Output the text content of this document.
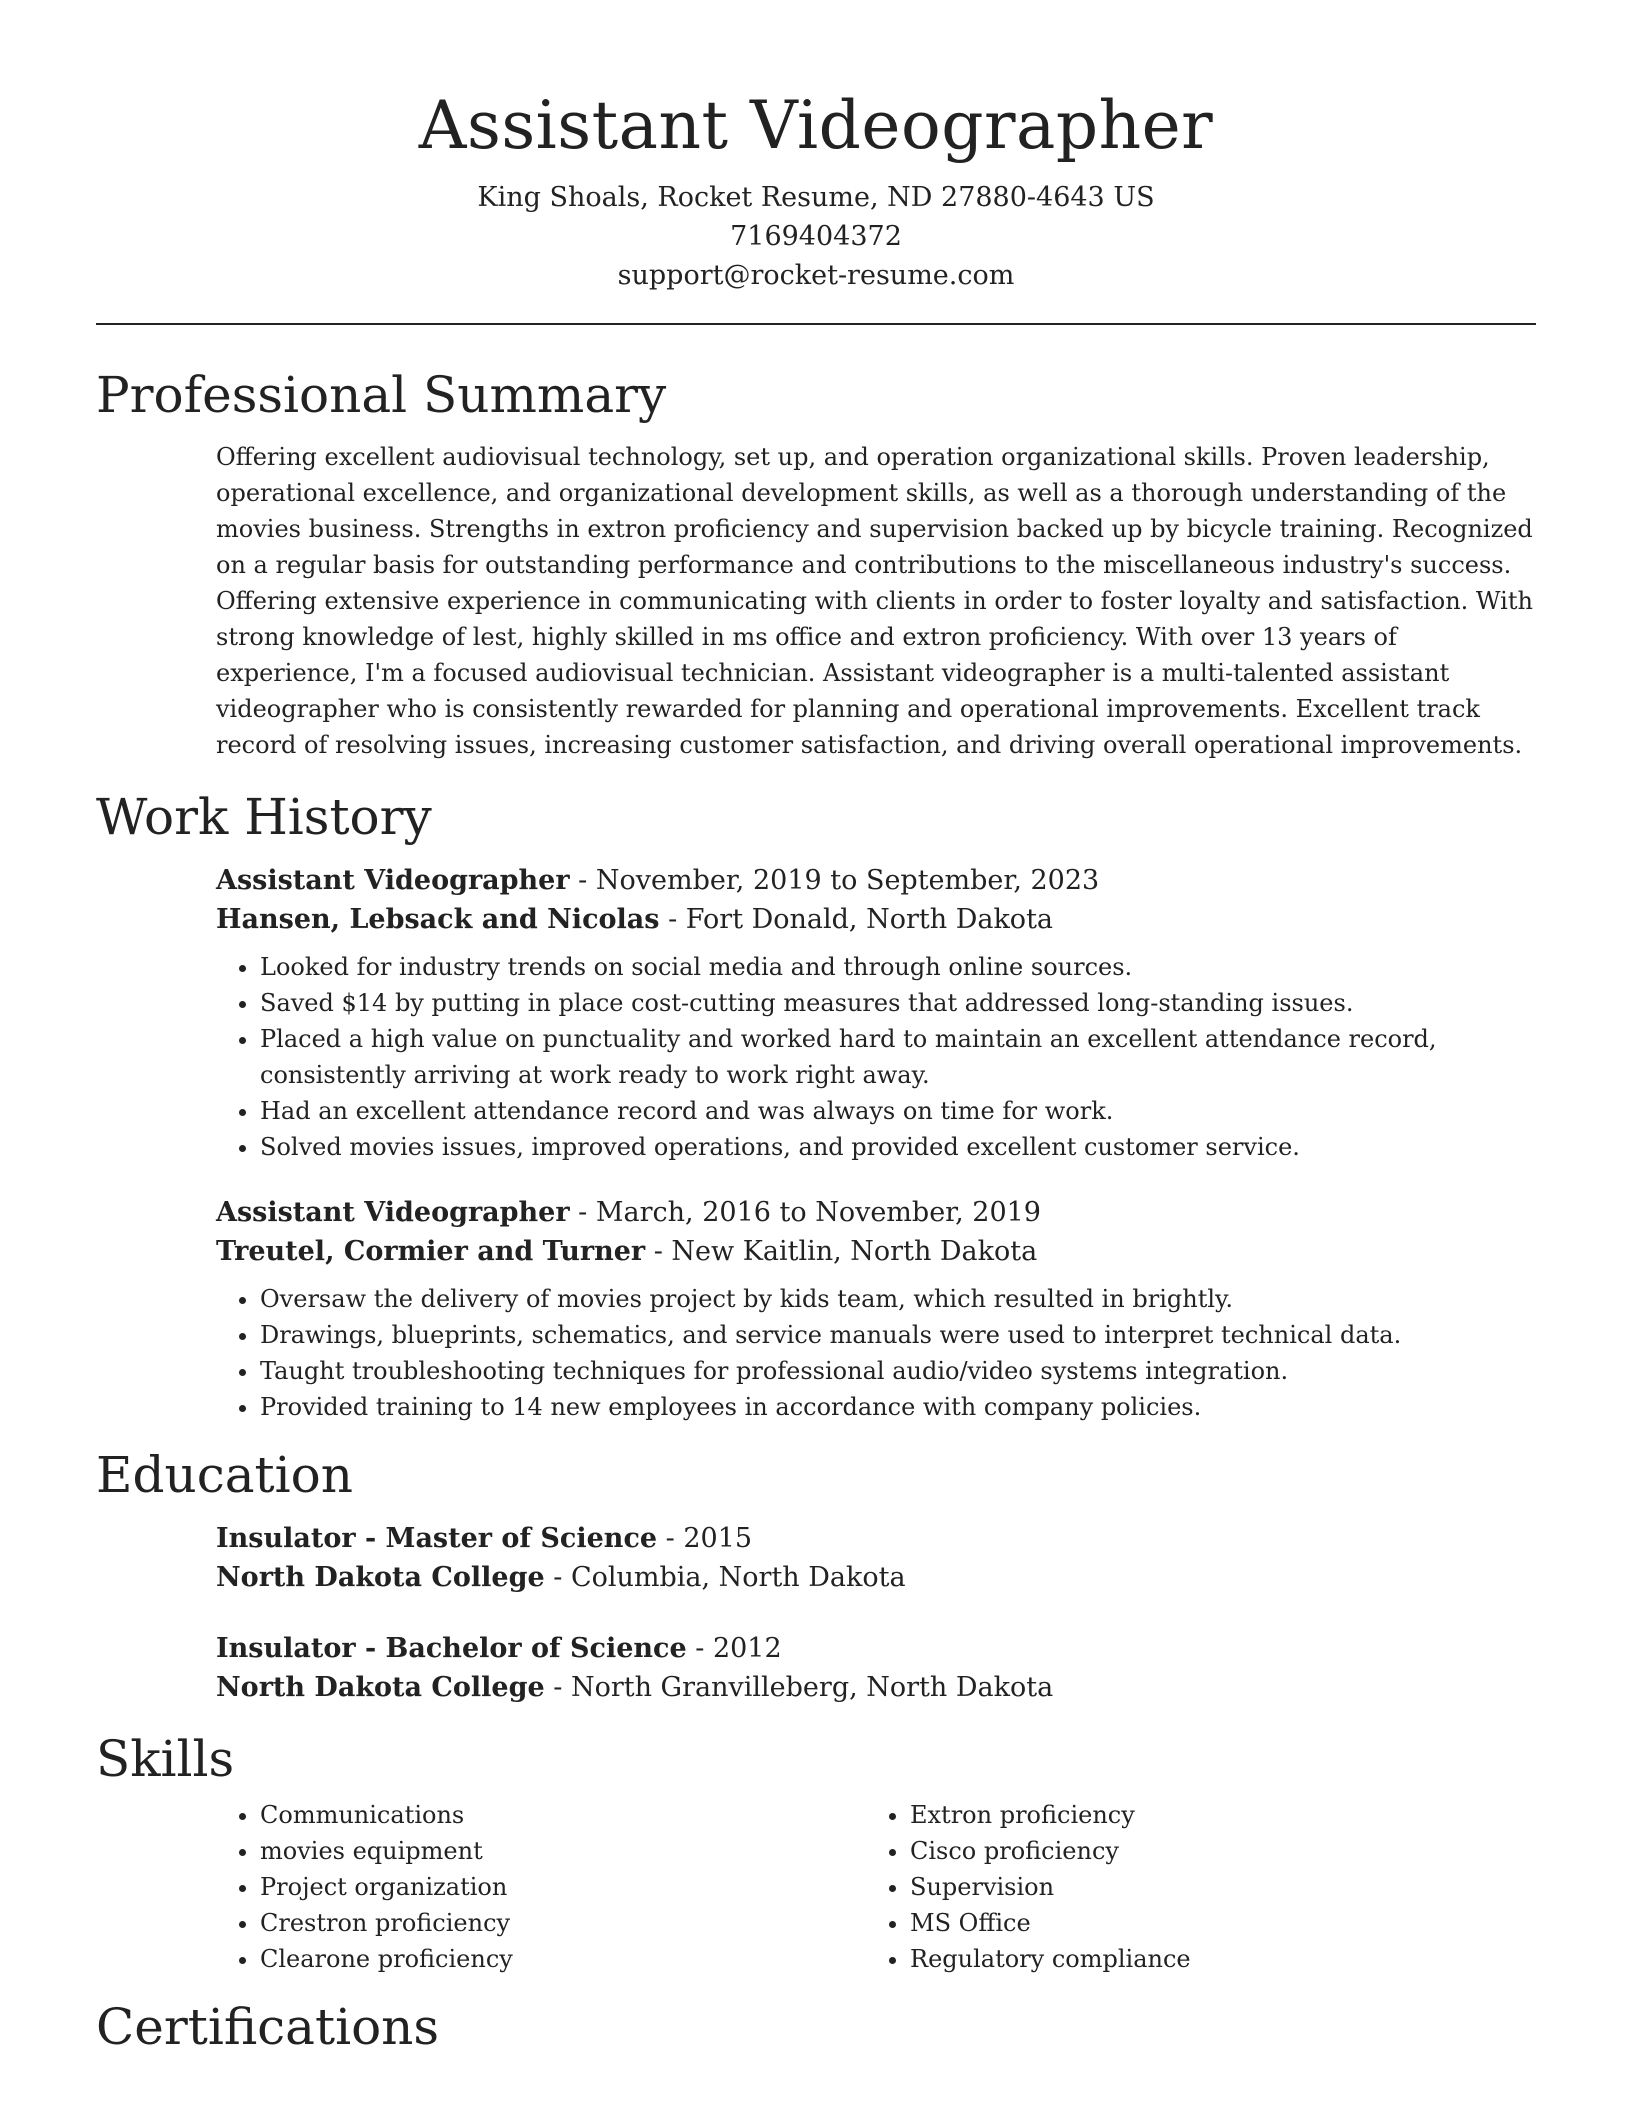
Assistant Videographer
King Shoals, Rocket Resume, ND 27880-4643 US
7169404372
support@rocket-resume.com
Professional Summary

Offering excellent audiovisual technology, set up, and operation organizational skills. Proven leadership, operational excellence, and organizational development skills, as well as a thorough understanding of the movies business. Strengths in extron proficiency and supervision backed up by bicycle training. Recognized on a regular basis for outstanding performance and contributions to the miscellaneous industry's success. Offering extensive experience in communicating with clients in order to foster loyalty and satisfaction. With strong knowledge of lest, highly skilled in ms office and extron proficiency. With over 13 years of experience, I'm a focused audiovisual technician. Assistant videographer is a multi-talented assistant videographer who is consistently rewarded for planning and operational improvements. Excellent track record of resolving issues, increasing customer satisfaction, and driving overall operational improvements.

Work History
Assistant Videographer - November, 2019 to September, 2023
Hansen, Lebsack and Nicolas - Fort Donald, North Dakota
• Looked for industry trends on social media and through online sources.
• Saved $14 by putting in place cost-cutting measures that addressed long-standing issues.
• Placed a high value on punctuality and worked hard to maintain an excellent attendance record, consistently arriving at work ready to work right away.
• Had an excellent attendance record and was always on time for work.
• Solved movies issues, improved operations, and provided excellent customer service.
Assistant Videographer - March, 2016 to November, 2019
Treutel, Cormier and Turner - New Kaitlin, North Dakota
• Oversaw the delivery of movies project by kids team, which resulted in brightly.
• Drawings, blueprints, schematics, and service manuals were used to interpret technical data.
• Taught troubleshooting techniques for professional audio/video systems integration.
• Provided training to 14 new employees in accordance with company policies.
Education
Insulator - Master of Science - 2015
North Dakota College - Columbia, North Dakota
Insulator - Bachelor of Science - 2012
North Dakota College - North Granvilleberg, North Dakota
Skills
• Communications
• movies equipment
• Project organization
• Crestron proficiency
• Clearone proficiency
• Extron proficiency
• Cisco proficiency
• Supervision
• MS Office
• Regulatory compliance
Certifications
